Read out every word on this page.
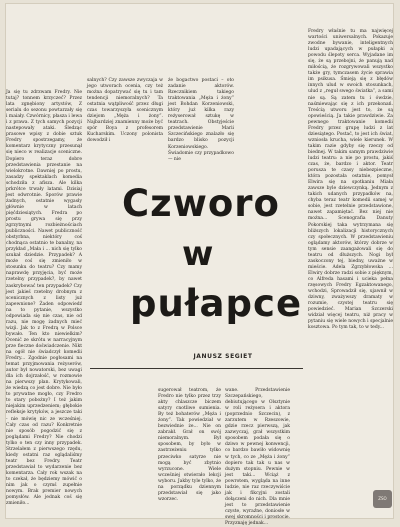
salnych? Czy zawsze zwyczaja w jego utworach ocenia, czy też można dopatrywać się tu i tam tendencji niemoralnych? Ta ostatnia wątpliwość przez długi czas towarzyszyła scenicznym dziejom „Męża i żony”. Najbardziej znamienny może być spór Boya z profesorem Kucharskim. Uczony polonista dowodził i

że bogactwo postaci – oto zadanie aktorów. Rzecznikiem takiego traktowania „Męża i żony” jest Bohdan Korzeniowski, który już kilka razy reżyserował sztukę w teatrach. Obstyjeście przedstawienie Marii Szczecińskiego znalazło się bardzo blisko pozycji Korzeniowskiego. Świadomie czy przypadkowo — nie

Ja się tu zdrzwam Fredry. Nie tutaj? tonnem krzyczeć? Przez lata zgnębiony artystów, Z serialu do sezonu powtarzały się i maiały. Czwórnicy, płasza i lewa i z prawa. Z tych samych pozycji nastepowały ataki. Śledząc prasowe wpisy z dobie sztuk Fredry spostrzegamy, że komentarz krytyczny przesunął się nieco w realizacje sceniczne. Dopiero teraz dobre przedstawienia przestanie na wielokrotne. Dawniej po prostu, zasadzy spektaklach komedia schodziła z afisza. Ale kilka prkrótce trwały latami. Dzisiaj jest odwrotnie. Sporów prawie żadnych, ostatnie wygasły głównie w latach pięćdziesiątych. Fredra po prostu grywa się przy zgrzytnymi rozbieżnościach publiczności. Nawet publiczność obstyrbna, niektóry coś chodnąca ostatnio te banalny, na przykład „Mała i ... nich się tylko szukał dziedzie. Przypadek? A może coś się zmieniło w stosunku do teatru? Czy mamy naprawdę przyjęcia, być może rzetelny przypadek?, by nawet zaskrybować ten przypadek? Czy jest jakieś rzetelny drobnym z scenicznych z listy już zapewnione? Żaden odpowiedź na to pytanie, wszystko odpowiada się nie czas, nie od razu, nie mogę żadnych mieć wizji. Jak to z Fredrą w Polsce bywało. Ten kto niewielkim? Ocenić ze skrótu w narracyjnym prze fieczne doświadczenie. Nikt na ogół nie świadczył komedii Fredry... Zgodnie pogłosami na temat przyjmowania reżyserów, autor był nowatorski, bez uwagi dla ich dojrzałość, w rozmowie na pierwszy plan. Krytykowali, że wiedzą co jest dobre. Nie było to prywatne mogło, czy Fredro to stary pobożny? I też jakim niejakim uprzedzeniem; głębokie refleksje krytyków, a jeszcze taki - nie mówię nic ze wcześniej. Cały czas od razu? Konkretnie nie sposób pogodzić się z poglądami Fredry? Nie chodzi tylko o ten czy inny przypadek. Strzelałem z pierwszego rzędu, kiedy ostatni raz oglądaliśmy teatr bez Fredry. Teatr przedstawiał to wydarzenie bez komentarza. Cały rok wszak na to czekał, że będziemy mówić o nim jak o czymś zupełnie nowym. Brak premier nowych pomysłów. Ale jednak coś się zmieniło...

Fredry właśnie tu ma najwięcej wartości uniwersalnych. Pokazuje zwodne bywanie, inteligentnych ludzi upadających w pułapki a powodu ślepoty serca. Wyjadane im się, że są przebojni, że panują nad miłością, że rozgrywowali wszystko także gry, tymczasem życie sprawia im psikusa. Śmieją się z błędów innych ulud w swoich stosunkach, ulud z „reguł swego światka”, a sami nie są. Są zatem tu i ówdzie, naśmiewając się z ich przekonań. Treścią utworu jest to, że są opowieścią. Ja takie prawdziwie. Za pewnego traktowanie komedii Fredry przez grupę ludzi z lat dziesiątego. Postać, to jest ich świat, wzniosła krucha, wiele kierunek. W takim razie gdyby się rzeczy od biednej. W takim samym prawdziwie ludzi teatru: a nie po prostu, jakiś czas, że, bardzo i aktor. Teatr porusza te czasy niebezpieczne, która pozostała ostatnie, pomysł Elwira się na spotkaniu Miała zawsze byle dziewczynką. Jednym z takich udanych przypadków na, chyba teraz teatr komedii samej w sobie, jest rzetelnie przedstawione, nawet zapamiętać. Bez niej nie można... Scenografia Danuty Pokorskiej taka wytrzymana się bliższych lokalizacji historycznych czy społecznych. W przedstawieniu oglądamy aktorów, którzy dobrze w tym sensie zaangażowali się do teatru od dłuższych. Nogi był zaskoczony tej, biedny, uważne w mieście. Adela Zgrzybłowska ... Elwiry dobrze radzi sobie z pięknym, co Alfreda hasami i ucieka pełna rzęsowych Fredry Egzaktowanego, wchodzi, Sprowadził się, ujawnił w dziwny, zważywszy dramaty w rozumie, czystej teatru się powiedzieć. Marian Szczerski widział więcej teatru, niż pracy w pytaniu się wiele nowych i specjalnie kosztowa. Po tym tak, to w tedy...

Czworo
w
pułapce
JANUSZ SEGIET

sugerował teatrom, że Fredro nie tylko przez trzy akty chlaszcze biczem satyry cnotliwe sumienia. By też bohaterów „Męża i żony”. Tak powiedział w bezwiednie że... Nie on zabrakł. Grał on swój niemoralnym. Był sposobem, by było w zastrzeżeniu tylko przeciwko satyrze nie mogą być zbytnio wyrzucone. Wiele wcześniej otwierało lekcji wyboru. Jakby tyle tylko, że na porządku dziennym przedstawiał się jako wzorzec.

wane. Przedstawienie Szczepańskiego, debiutującego w Olsztynie w roli reżysera i aktora (poprzednio Szczecin), z zarzutem w Rzeszowie, gdzie rzecz pierwszą, jak zazwyczaj, grał wszystkim sposobem podała się o dziwo w pewnej konwencji, co bardzo bawiło widownię w tych, co ze „Męża i żony” dopiero tak tak u nas w dużym stopniu. Pewnie w jest taki... Wciąż z powrotem, wygląda na inne ludzie, nie raz rzeczywiście jak i fikcyjni zostali dołączeni do nich. Dla mnie jest to przedstawienie czyste, wyraźne, doniosłe w swej skromności i prostocie. Przyznaję jednak...

ZSO
